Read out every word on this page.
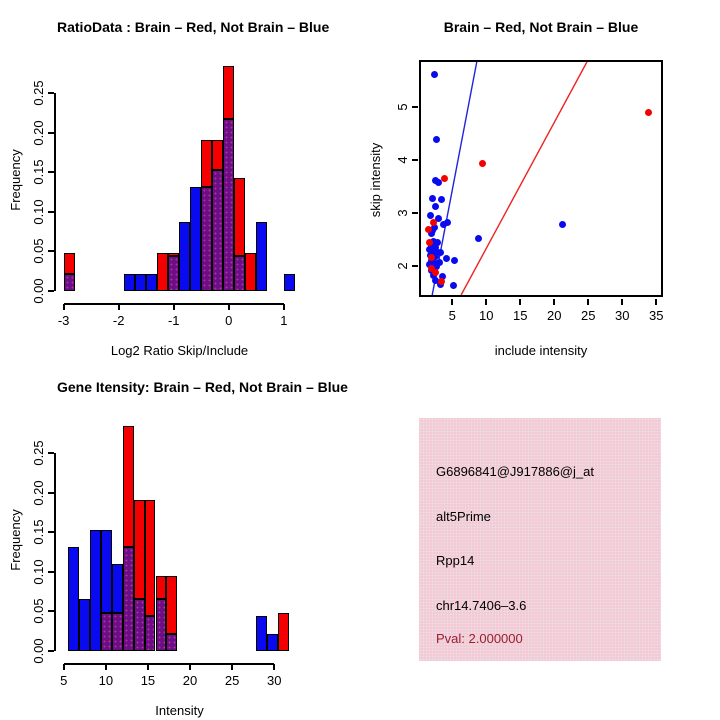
RatioData : Brain – Red, Not Brain – Blue
Frequency
-3	-2	-1	0	1
0.00
0.05
0.10
0.15
0.20
0.25
Log2 Ratio Skip/Include
Brain – Red, Not Brain – Blue
skip intensity
5	10	15	20	25	30	35
2
3
4
5
include intensity
Gene Itensity: Brain – Red, Not Brain – Blue
Frequency
5	10	15	20	25	30
0.00
0.05
0.10
0.15
0.20
0.25
Intensity
G6896841@J917886@j_at
alt5Prime
Rpp14
chr14.7406–3.6
Pval: 2.000000
